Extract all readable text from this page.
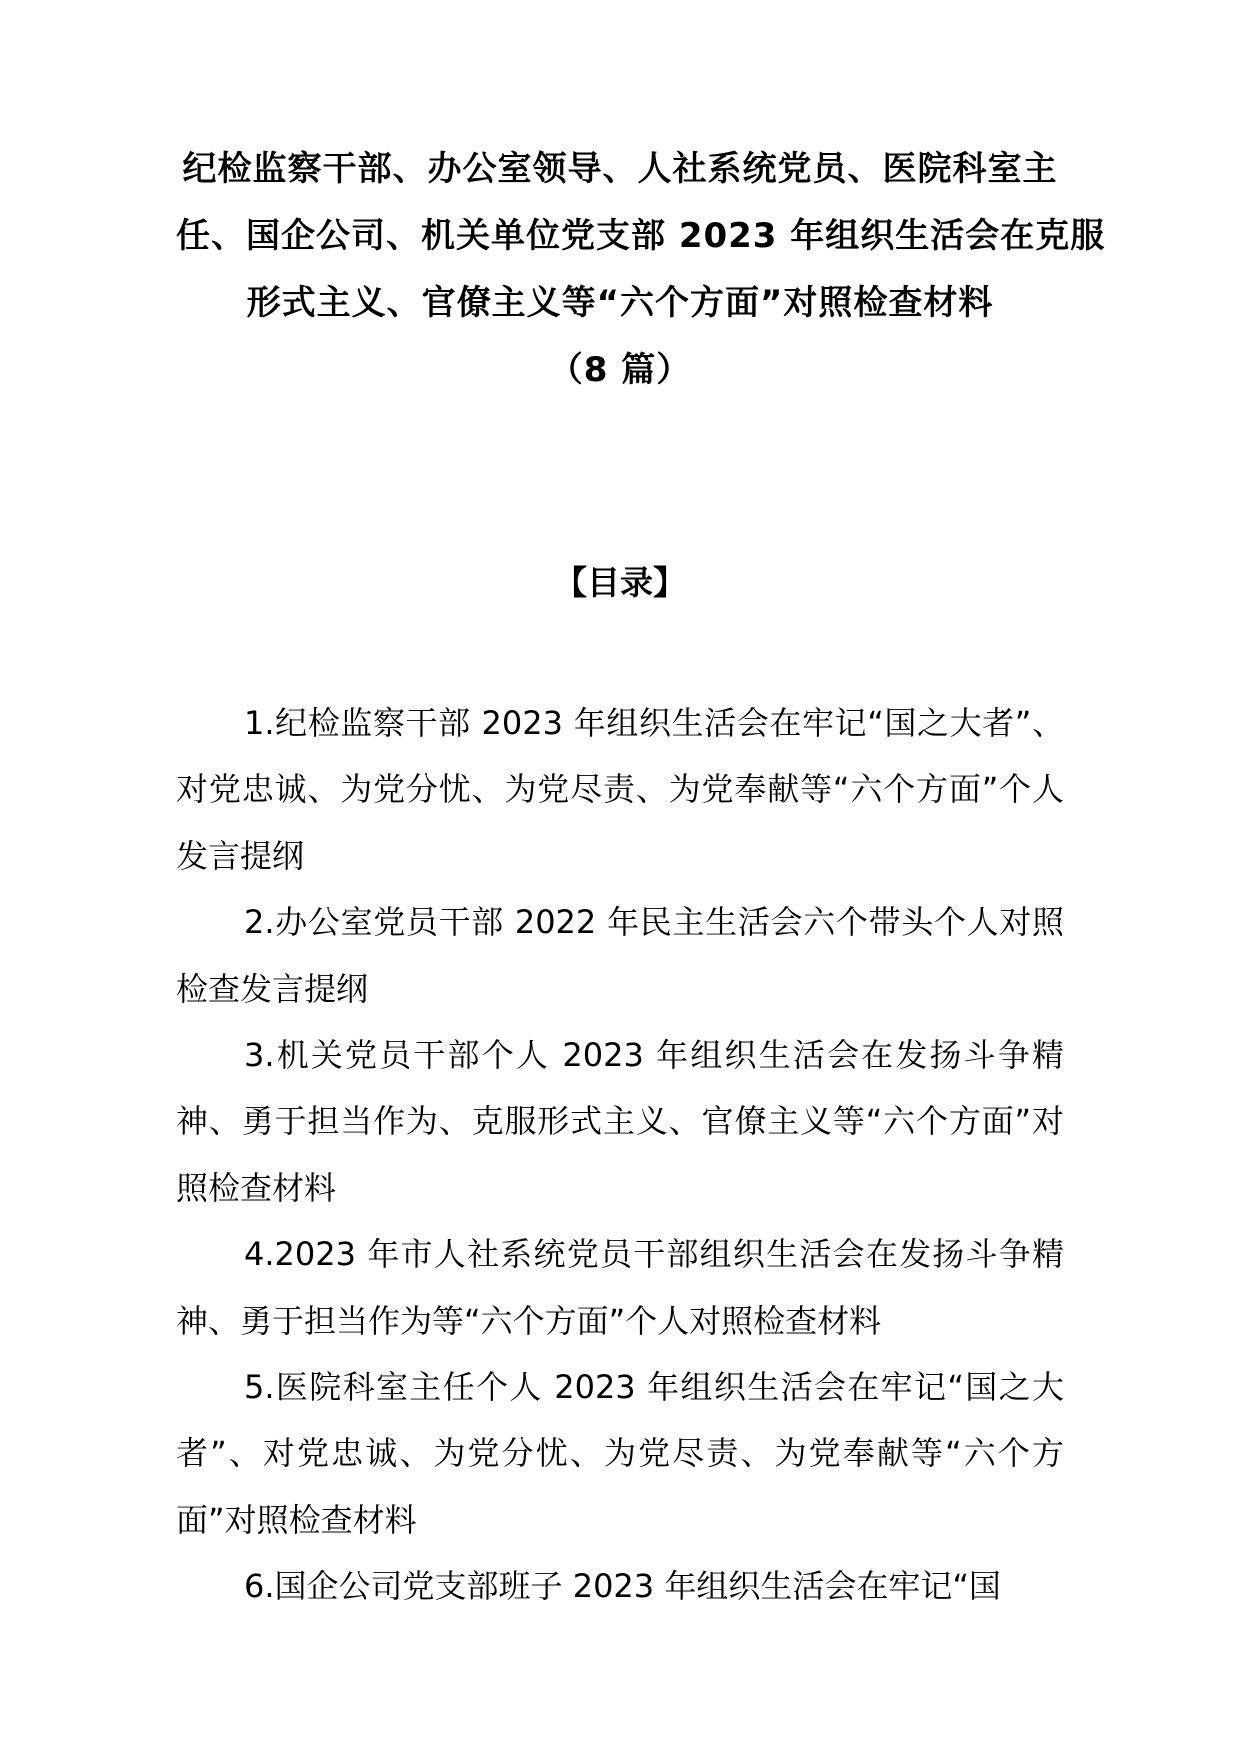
纪检监察干部、办公室领导、人社系统党员、医院科室主
任、国企公司、机关单位党支部 2023 年组织生活会在克服
形式主义、官僚主义等“六个方面”对照检查材料
（8 篇）
【目录】

1.纪检监察干部 2023 年组织生活会在牢记“国之大者”、对党忠诚、为党分忧、为党尽责、为党奉献等“六个方面”个人发言提纲

2.办公室党员干部 2022 年民主生活会六个带头个人对照检查发言提纲

3.机关党员干部个人 2023 年组织生活会在发扬斗争精神、勇于担当作为、克服形式主义、官僚主义等“六个方面”对照检查材料

4.2023 年市人社系统党员干部组织生活会在发扬斗争精神、勇于担当作为等“六个方面”个人对照检查材料

5.医院科室主任个人 2023 年组织生活会在牢记“国之大者”、对党忠诚、为党分忧、为党尽责、为党奉献等“六个方面”对照检查材料

6.国企公司党支部班子 2023 年组织生活会在牢记“国
